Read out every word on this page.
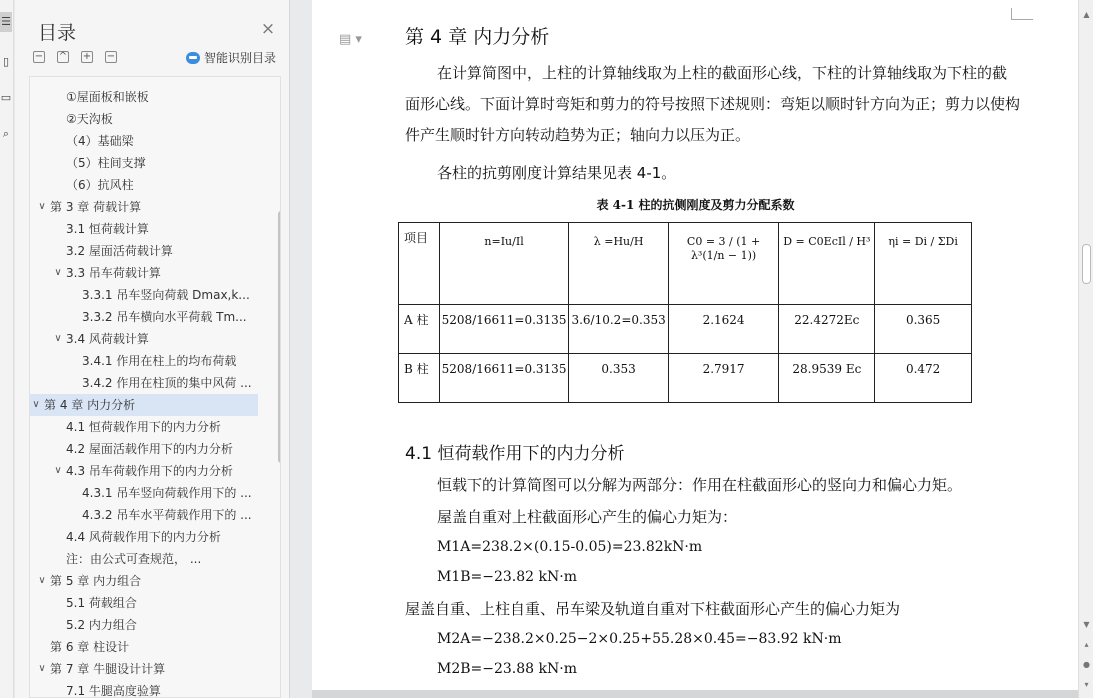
☰
▯
▭
⌕
目录	×
− ^ + −	智能识别目录
①屋面板和嵌板
②天沟板
（4）基础梁
（5）柱间支撑
（6）抗风柱
∨ 第 3 章 荷载计算
3.1 恒荷载计算
3.2 屋面活荷载计算
∨ 3.3 吊车荷载计算
3.3.1 吊车竖向荷载 Dmax,k...
3.3.2 吊车横向水平荷载 Tm...
∨ 3.4 风荷载计算
3.4.1 作用在柱上的均布荷载
3.4.2 作用在柱顶的集中风荷 ...
∨ 第 4 章 内力分析
4.1 恒荷载作用下的内力分析
4.2 屋面活载作用下的内力分析
∨ 4.3 吊车荷载作用下的内力分析
4.3.1 吊车竖向荷载作用下的 ...
4.3.2 吊车水平荷载作用下的 ...
4.4 风荷载作用下的内力分析
注：由公式可查规范， ...
∨ 第 5 章 内力组合
5.1 荷载组合
5.2 内力组合
第 6 章 柱设计
∨ 第 7 章 牛腿设计计算
7.1 牛腿高度验算
▤ ▾ 第 4 章 内力分析
在计算简图中，上柱的计算轴线取为上柱的截面形心线，下柱的计算轴线取为下柱的截面形心线。下面计算时弯矩和剪力的符号按照下述规则：弯矩以顺时针方向为正；剪力以使构件产生顺时针方向转动趋势为正；轴向力以压为正。
各柱的抗剪刚度计算结果见表 4-1。
表 4-1 柱的抗侧刚度及剪力分配系数
项目	n=Iu/Il	λ =Hu/H	C0 = 3 / (1 + λ³(1/n − 1))	D = C0EcIl / H³	ηi = Di / ΣDi

A 柱	5208/16611=0.3135	3.6/10.2=0.353	2.1624	22.4272Ec	0.365
B 柱	5208/16611=0.3135	0.353	2.7917	28.9539 Ec	0.472
4.1 恒荷载作用下的内力分析
恒载下的计算简图可以分解为两部分：作用在柱截面形心的竖向力和偏心力矩。
屋盖自重对上柱截面形心产生的偏心力矩为：
M1A=238.2×(0.15-0.05)=23.82kN·m
M1B=−23.82 kN·m
屋盖自重、上柱自重、吊车梁及轨道自重对下柱截面形心产生的偏心力矩为
M2A=−238.2×0.25−2×0.25+55.28×0.45=−83.92 kN·m
M2B=−23.88 kN·m
▲
▼
▴
●
▾
